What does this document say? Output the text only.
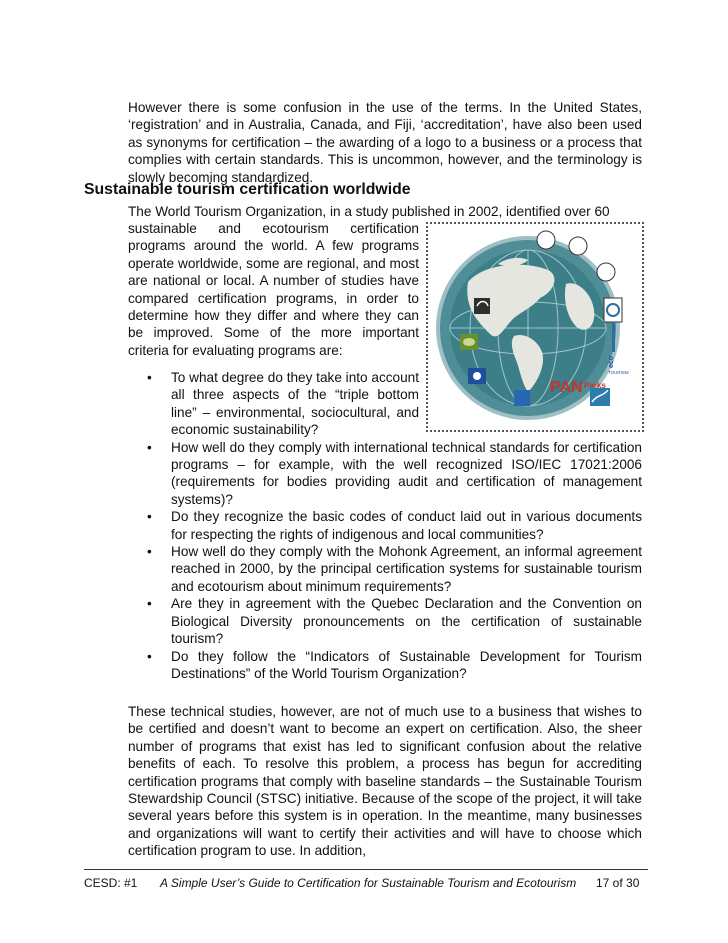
However there is some confusion in the use of the terms. In the United States, ‘registration’ and in Australia, Canada, and Fiji, ‘accreditation’, have also been used as synonyms for certification – the awarding of a logo to a business or a process that complies with certain standards. This is uncommon, however, and the terminology is slowly becoming standardized.

Sustainable tourism certification worldwide

The World Tourism Organization, in a study published in 2002, identified over 60

sustainable and ecotourism certification programs around the world. A few programs operate worldwide, some are regional, and most are national or local. A number of studies have compared certification programs, in order to determine how they differ and where they can be improved. Some of the more important criteria for evaluating programs are:

eco
TOURISM
PAN Parks
• To what degree do they take into account all three aspects of the “triple bottom line” – environmental, sociocultural, and economic sustainability?
• How well do they comply with international technical standards for certification programs – for example, with the well recognized ISO/IEC 17021:2006 (requirements for bodies providing audit and certification of management systems)?
• Do they recognize the basic codes of conduct laid out in various documents for respecting the rights of indigenous and local communities?
• How well do they comply with the Mohonk Agreement, an informal agreement reached in 2000, by the principal certification systems for sustainable tourism and ecotourism about minimum requirements?
• Are they in agreement with the Quebec Declaration and the Convention on Biological Diversity pronouncements on the certification of sustainable tourism?
• Do they follow the “Indicators of Sustainable Development for Tourism Destinations” of the World Tourism Organization?

These technical studies, however, are not of much use to a business that wishes to be certified and doesn’t want to become an expert on certification. Also, the sheer number of programs that exist has led to significant confusion about the relative benefits of each. To resolve this problem, a process has begun for accrediting certification programs that comply with baseline standards – the Sustainable Tourism Stewardship Council (STSC) initiative. Because of the scope of the project, it will take several years before this system is in operation. In the meantime, many businesses and organizations will want to certify their activities and will have to choose which certification program to use. In addition,

CESD: #1 A Simple User’s Guide to Certification for Sustainable Tourism and Ecotourism 17 of 30
